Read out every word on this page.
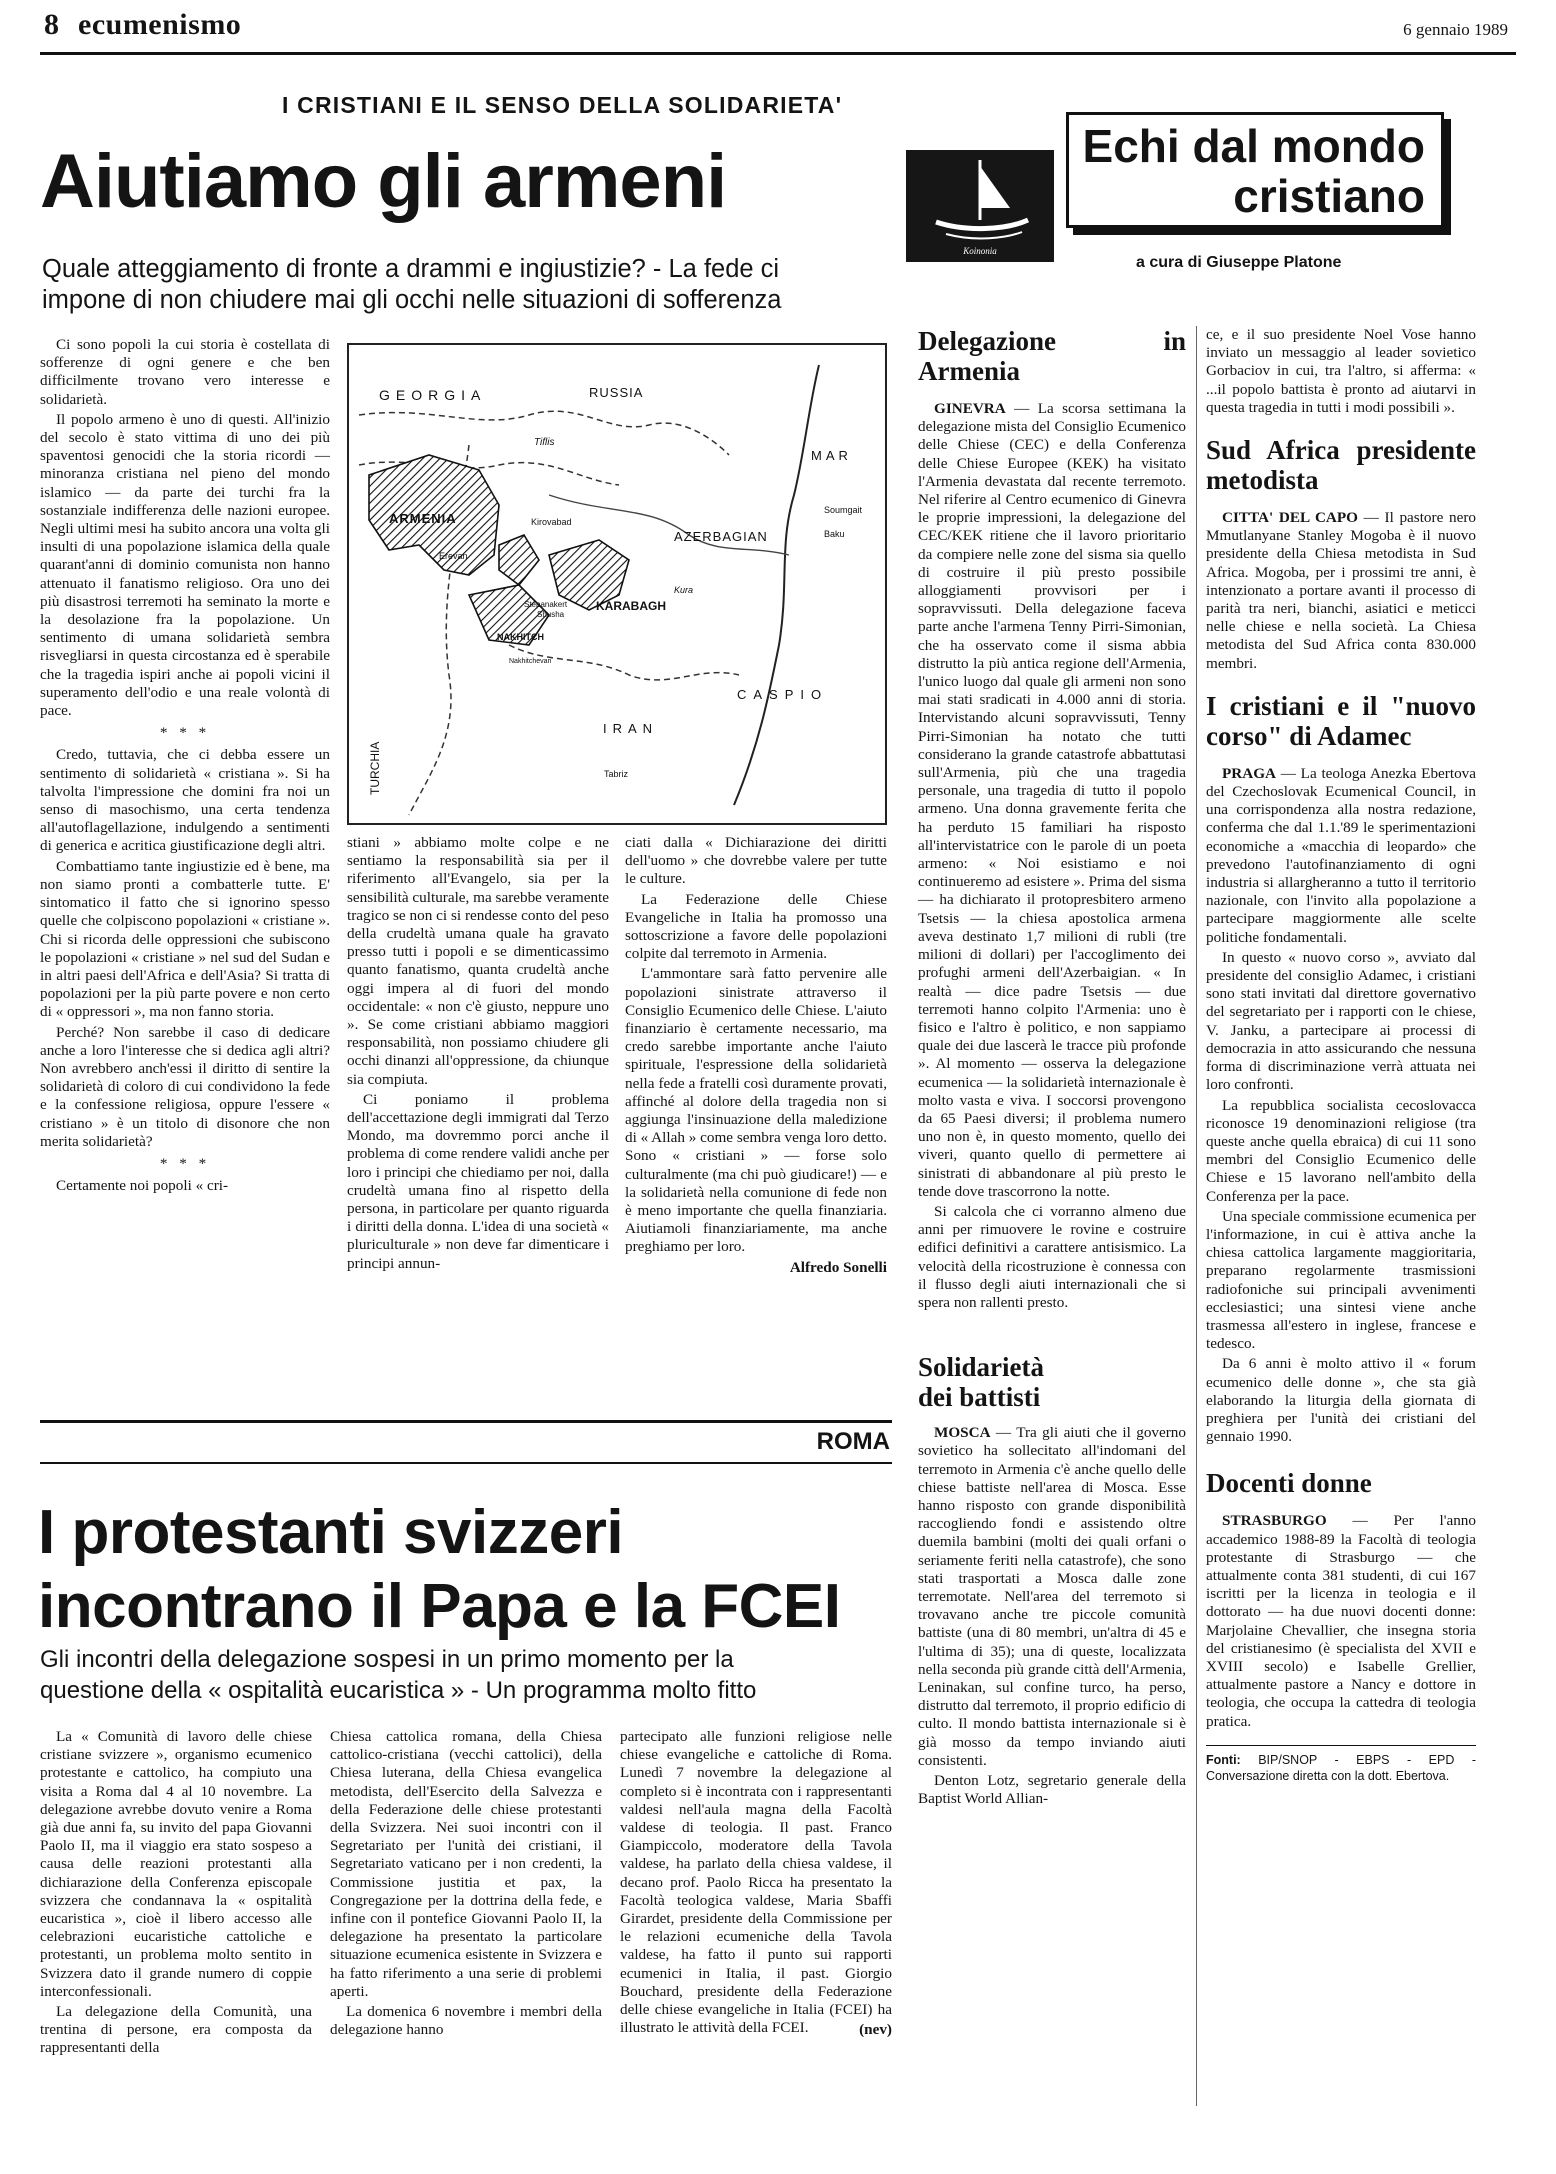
8 ecumenismo	6 gennaio 1989
I CRISTIANI E IL SENSO DELLA SOLIDARIETA'
Aiutiamo gli armeni
Quale atteggiamento di fronte a drammi e ingiustizie? - La fede ci
impone di non chiudere mai gli occhi nelle situazioni di sofferenza

Ci sono popoli la cui storia è costellata di sofferenze di ogni genere e che ben difficilmente trovano vero interesse e solidarietà.

Il popolo armeno è uno di questi. All'inizio del secolo è stato vittima di uno dei più spaventosi genocidi che la storia ricordi — minoranza cristiana nel pieno del mondo islamico — da parte dei turchi fra la sostanziale indifferenza delle nazioni europee. Negli ultimi mesi ha subito ancora una volta gli insulti di una popolazione islamica della quale quarant'anni di dominio comunista non hanno attenuato il fanatismo religioso. Ora uno dei più disastrosi terremoti ha seminato la morte e la desolazione fra la popolazione. Un sentimento di umana solidarietà sembra risvegliarsi in questa circostanza ed è sperabile che la tragedia ispiri anche ai popoli vicini il superamento dell'odio e una reale volontà di pace.

* * *

Credo, tuttavia, che ci debba essere un sentimento di solidarietà « cristiana ». Si ha talvolta l'impressione che domini fra noi un senso di masochismo, una certa tendenza all'autoflagellazione, indulgendo a sentimenti di generica e acritica giustificazione degli altri.

Combattiamo tante ingiustizie ed è bene, ma non siamo pronti a combatterle tutte. E' sintomatico il fatto che si ignorino spesso quelle che colpiscono popolazioni « cristiane ». Chi si ricorda delle oppressioni che subiscono le popolazioni « cristiane » nel sud del Sudan e in altri paesi dell'Africa e dell'Asia? Si tratta di popolazioni per la più parte povere e non certo di « oppressori », ma non fanno storia.

Perché? Non sarebbe il caso di dedicare anche a loro l'interesse che si dedica agli altri? Non avrebbero anch'essi il diritto di sentire la solidarietà di coloro di cui condividono la fede e la confessione religiosa, oppure l'essere « cristiano » è un titolo di disonore che non merita solidarietà?

* * *

Certamente noi popoli « cri-

GEORGIA	RUSSIA
MAR
Tiflis
Soumgait
Baku
Kirovabad
AZERBAGIAN
ARMENIA
Erevan
Kura
Stepanakert
Shusha
KARABAGH
NAKHITCH
Nakhitchevan
CASPIO
TURCHIA
IRAN
Tabriz

stiani » abbiamo molte colpe e ne sentiamo la responsabilità sia per il riferimento all'Evangelo, sia per la sensibilità culturale, ma sarebbe veramente tragico se non ci si rendesse conto del peso della crudeltà umana quale ha gravato presso tutti i popoli e se dimenticassimo quanto fanatismo, quanta crudeltà anche oggi impera al di fuori del mondo occidentale: « non c'è giusto, neppure uno ». Se come cristiani abbiamo maggiori responsabilità, non possiamo chiudere gli occhi dinanzi all'oppressione, da chiunque sia compiuta.

Ci poniamo il problema dell'accettazione degli immigrati dal Terzo Mondo, ma dovremmo porci anche il problema di come rendere validi anche per loro i principi che chiediamo per noi, dalla crudeltà umana fino al rispetto della persona, in particolare per quanto riguarda i diritti della donna. L'idea di una società « pluriculturale » non deve far dimenticare i principi annun-

ciati dalla « Dichiarazione dei diritti dell'uomo » che dovrebbe valere per tutte le culture.

La Federazione delle Chiese Evangeliche in Italia ha promosso una sottoscrizione a favore delle popolazioni colpite dal terremoto in Armenia.

L'ammontare sarà fatto pervenire alle popolazioni sinistrate attraverso il Consiglio Ecumenico delle Chiese. L'aiuto finanziario è certamente necessario, ma credo sarebbe importante anche l'aiuto spirituale, l'espressione della solidarietà nella fede a fratelli così duramente provati, affinché al dolore della tragedia non si aggiunga l'insinuazione della maledizione di « Allah » come sembra venga loro detto. Sono « cristiani » — forse solo culturalmente (ma chi può giudicare!) — e la solidarietà nella comunione di fede non è meno importante che quella finanziaria. Aiutiamoli finanziariamente, ma anche preghiamo per loro.

Alfredo Sonelli

ROMA
I protestanti svizzeri
incontrano il Papa e la FCEI
Gli incontri della delegazione sospesi in un primo momento per la
questione della « ospitalità eucaristica » - Un programma molto fitto

La « Comunità di lavoro delle chiese cristiane svizzere », organismo ecumenico protestante e cattolico, ha compiuto una visita a Roma dal 4 al 10 novembre. La delegazione avrebbe dovuto venire a Roma già due anni fa, su invito del papa Giovanni Paolo II, ma il viaggio era stato sospeso a causa delle reazioni protestanti alla dichiarazione della Conferenza episcopale svizzera che condannava la « ospitalità eucaristica », cioè il libero accesso alle celebrazioni eucaristiche cattoliche e protestanti, un problema molto sentito in Svizzera dato il grande numero di coppie interconfessionali.

La delegazione della Comunità, una trentina di persone, era composta da rappresentanti della

Chiesa cattolica romana, della Chiesa cattolico-cristiana (vecchi cattolici), della Chiesa luterana, della Chiesa evangelica metodista, dell'Esercito della Salvezza e della Federazione delle chiese protestanti della Svizzera. Nei suoi incontri con il Segretariato per l'unità dei cristiani, il Segretariato vaticano per i non credenti, la Commissione justitia et pax, la Congregazione per la dottrina della fede, e infine con il pontefice Giovanni Paolo II, la delegazione ha presentato la particolare situazione ecumenica esistente in Svizzera e ha fatto riferimento a una serie di problemi aperti.

La domenica 6 novembre i membri della delegazione hanno

partecipato alle funzioni religiose nelle chiese evangeliche e cattoliche di Roma. Lunedì 7 novembre la delegazione al completo si è incontrata con i rappresentanti valdesi nell'aula magna della Facoltà valdese di teologia. Il past. Franco Giampiccolo, moderatore della Tavola valdese, ha parlato della chiesa valdese, il decano prof. Paolo Ricca ha presentato la Facoltà teologica valdese, Maria Sbaffi Girardet, presidente della Commissione per le relazioni ecumeniche della Tavola valdese, ha fatto il punto sui rapporti ecumenici in Italia, il past. Giorgio Bouchard, presidente della Federazione delle chiese evangeliche in Italia (FCEI) ha illustrato le attività della FCEI.	(nev)

Koinonia
Echi dal mondo
cristiano
a cura di Giuseppe Platone

Delegazione in Armenia

GINEVRA — La scorsa settimana la delegazione mista del Consiglio Ecumenico delle Chiese (CEC) e della Conferenza delle Chiese Europee (KEK) ha visitato l'Armenia devastata dal recente terremoto. Nel riferire al Centro ecumenico di Ginevra le proprie impressioni, la delegazione del CEC/KEK ritiene che il lavoro prioritario da compiere nelle zone del sisma sia quello di costruire il più presto possibile alloggiamenti provvisori per i sopravvissuti. Della delegazione faceva parte anche l'armena Tenny Pirri-Simonian, che ha osservato come il sisma abbia distrutto la più antica regione dell'Armenia, l'unico luogo dal quale gli armeni non sono mai stati sradicati in 4.000 anni di storia. Intervistando alcuni sopravvissuti, Tenny Pirri-Simonian ha notato che tutti considerano la grande catastrofe abbattutasi sull'Armenia, più che una tragedia personale, una tragedia di tutto il popolo armeno. Una donna gravemente ferita che ha perduto 15 familiari ha risposto all'intervistatrice con le parole di un poeta armeno: « Noi esistiamo e noi continueremo ad esistere ». Prima del sisma — ha dichiarato il protopresbitero armeno Tsetsis — la chiesa apostolica armena aveva destinato 1,7 milioni di rubli (tre milioni di dollari) per l'accoglimento dei profughi armeni dell'Azerbaigian. « In realtà — dice padre Tsetsis — due terremoti hanno colpito l'Armenia: uno è fisico e l'altro è politico, e non sappiamo quale dei due lascerà le tracce più profonde ». Al momento — osserva la delegazione ecumenica — la solidarietà internazionale è molto vasta e viva. I soccorsi provengono da 65 Paesi diversi; il problema numero uno non è, in questo momento, quello dei viveri, quanto quello di permettere ai sinistrati di abbandonare al più presto le tende dove trascorrono la notte.

Si calcola che ci vorranno almeno due anni per rimuovere le rovine e costruire edifici definitivi a carattere antisismico. La velocità della ricostruzione è connessa con il flusso degli aiuti internazionali che si spera non rallenti presto.

Solidarietà dei battisti

MOSCA — Tra gli aiuti che il governo sovietico ha sollecitato all'indomani del terremoto in Armenia c'è anche quello delle chiese battiste nell'area di Mosca. Esse hanno risposto con grande disponibilità raccogliendo fondi e assistendo oltre duemila bambini (molti dei quali orfani o seriamente feriti nella catastrofe), che sono stati trasportati a Mosca dalle zone terremotate. Nell'area del terremoto si trovavano anche tre piccole comunità battiste (una di 80 membri, un'altra di 45 e l'ultima di 35); una di queste, localizzata nella seconda più grande città dell'Armenia, Leninakan, sul confine turco, ha perso, distrutto dal terremoto, il proprio edificio di culto. Il mondo battista internazionale si è già mosso da tempo inviando aiuti consistenti.

Denton Lotz, segretario generale della Baptist World Allian-

ce, e il suo presidente Noel Vose hanno inviato un messaggio al leader sovietico Gorbaciov in cui, tra l'altro, si afferma: « ...il popolo battista è pronto ad aiutarvi in questa tragedia in tutti i modi possibili ».

Sud Africa presidente metodista

CITTA' DEL CAPO — Il pastore nero Mmutlanyane Stanley Mogoba è il nuovo presidente della Chiesa metodista in Sud Africa. Mogoba, per i prossimi tre anni, è intenzionato a portare avanti il processo di parità tra neri, bianchi, asiatici e meticci nelle chiese e nella società. La Chiesa metodista del Sud Africa conta 830.000 membri.

I cristiani e il "nuovo corso" di Adamec

PRAGA — La teologa Anezka Ebertova del Czechoslovak Ecumenical Council, in una corrispondenza alla nostra redazione, conferma che dal 1.1.'89 le sperimentazioni economiche a «macchia di leopardo» che prevedono l'autofinanziamento di ogni industria si allargheranno a tutto il territorio nazionale, con l'invito alla popolazione a partecipare maggiormente alle scelte politiche fondamentali.

In questo « nuovo corso », avviato dal presidente del consiglio Adamec, i cristiani sono stati invitati dal direttore governativo del segretariato per i rapporti con le chiese, V. Janku, a partecipare ai processi di democrazia in atto assicurando che nessuna forma di discriminazione verrà attuata nei loro confronti.

La repubblica socialista cecoslovacca riconosce 19 denominazioni religiose (tra queste anche quella ebraica) di cui 11 sono membri del Consiglio Ecumenico delle Chiese e 15 lavorano nell'ambito della Conferenza per la pace.

Una speciale commissione ecumenica per l'informazione, in cui è attiva anche la chiesa cattolica largamente maggioritaria, preparano regolarmente trasmissioni radiofoniche sui principali avvenimenti ecclesiastici; una sintesi viene anche trasmessa all'estero in inglese, francese e tedesco.

Da 6 anni è molto attivo il « forum ecumenico delle donne », che sta già elaborando la liturgia della giornata di preghiera per l'unità dei cristiani del gennaio 1990.

Docenti donne

STRASBURGO — Per l'anno accademico 1988-89 la Facoltà di teologia protestante di Strasburgo — che attualmente conta 381 studenti, di cui 167 iscritti per la licenza in teologia e il dottorato — ha due nuovi docenti donne: Marjolaine Chevallier, che insegna storia del cristianesimo (è specialista del XVII e XVIII secolo) e Isabelle Grellier, attualmente pastore a Nancy e dottore in teologia, che occupa la cattedra di teologia pratica.

Fonti: BIP/SNOP - EBPS - EPD - Conversazione diretta con la dott. Ebertova.
